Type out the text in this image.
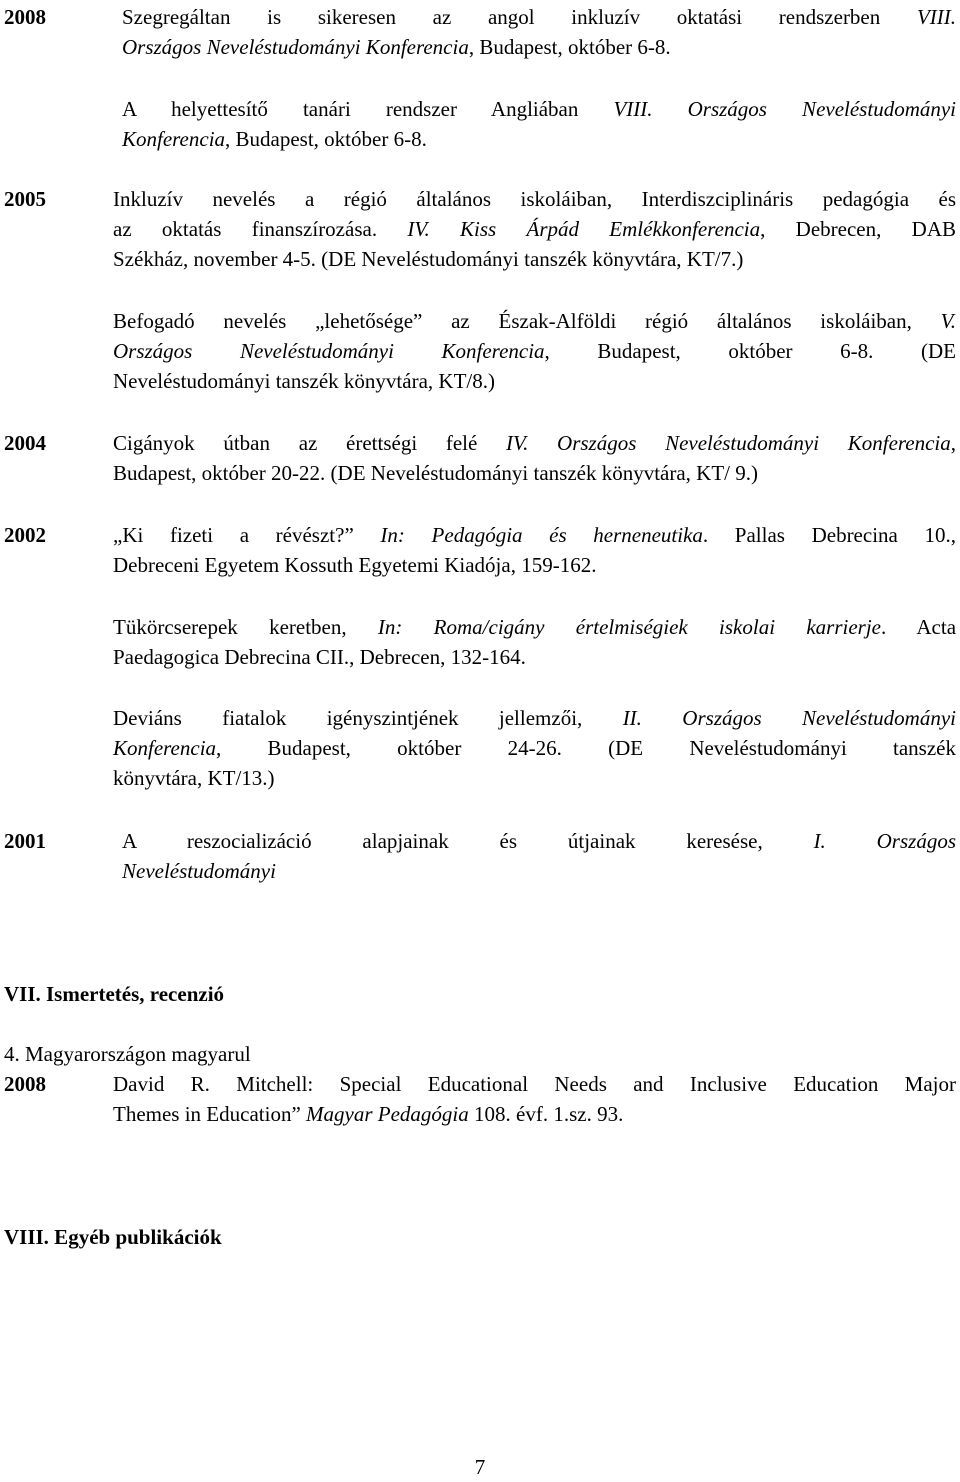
2008	Szegregáltan is sikeresen az angol inkluzív oktatási rendszerben VIII.
Országos Neveléstudományi Konferencia, Budapest, október 6-8.
A helyettesítő tanári rendszer Angliában VIII. Országos Neveléstudományi
Konferencia, Budapest, október 6-8.
2005	Inkluzív nevelés a régió általános iskoláiban, Interdiszciplináris pedagógia és
az oktatás finanszírozása. IV. Kiss Árpád Emlékkonferencia, Debrecen, DAB
Székház, november 4-5. (DE Neveléstudományi tanszék könyvtára, KT/7.)
Befogadó nevelés „lehetősége” az Észak-Alföldi régió általános iskoláiban, V.
Országos Neveléstudományi Konferencia, Budapest, október 6-8. (DE
Neveléstudományi tanszék könyvtára, KT/8.)
2004	Cigányok útban az érettségi felé IV. Országos Neveléstudományi Konferencia,
Budapest, október 20-22. (DE Neveléstudományi tanszék könyvtára, KT/ 9.)
2002	„Ki fizeti a révészt?” In: Pedagógia és herneneutika. Pallas Debrecina 10.,
Debreceni Egyetem Kossuth Egyetemi Kiadója, 159-162.
Tükörcserepek keretben, In: Roma/cigány értelmiségiek iskolai karrierje. Acta
Paedagogica Debrecina CII., Debrecen, 132-164.
Deviáns fiatalok igényszintjének jellemzői, II. Országos Neveléstudományi
Konferencia, Budapest, október 24-26. (DE Neveléstudományi tanszék
könyvtára, KT/13.)
2001	A reszocializáció alapjainak és útjainak keresése, I. Országos
Neveléstudományi
VII. Ismertetés, recenzió
4. Magyarországon magyarul
2008	David R. Mitchell: Special Educational Needs and Inclusive Education Major
Themes in Education” Magyar Pedagógia 108. évf. 1.sz. 93.
VIII. Egyéb publikációk
7
